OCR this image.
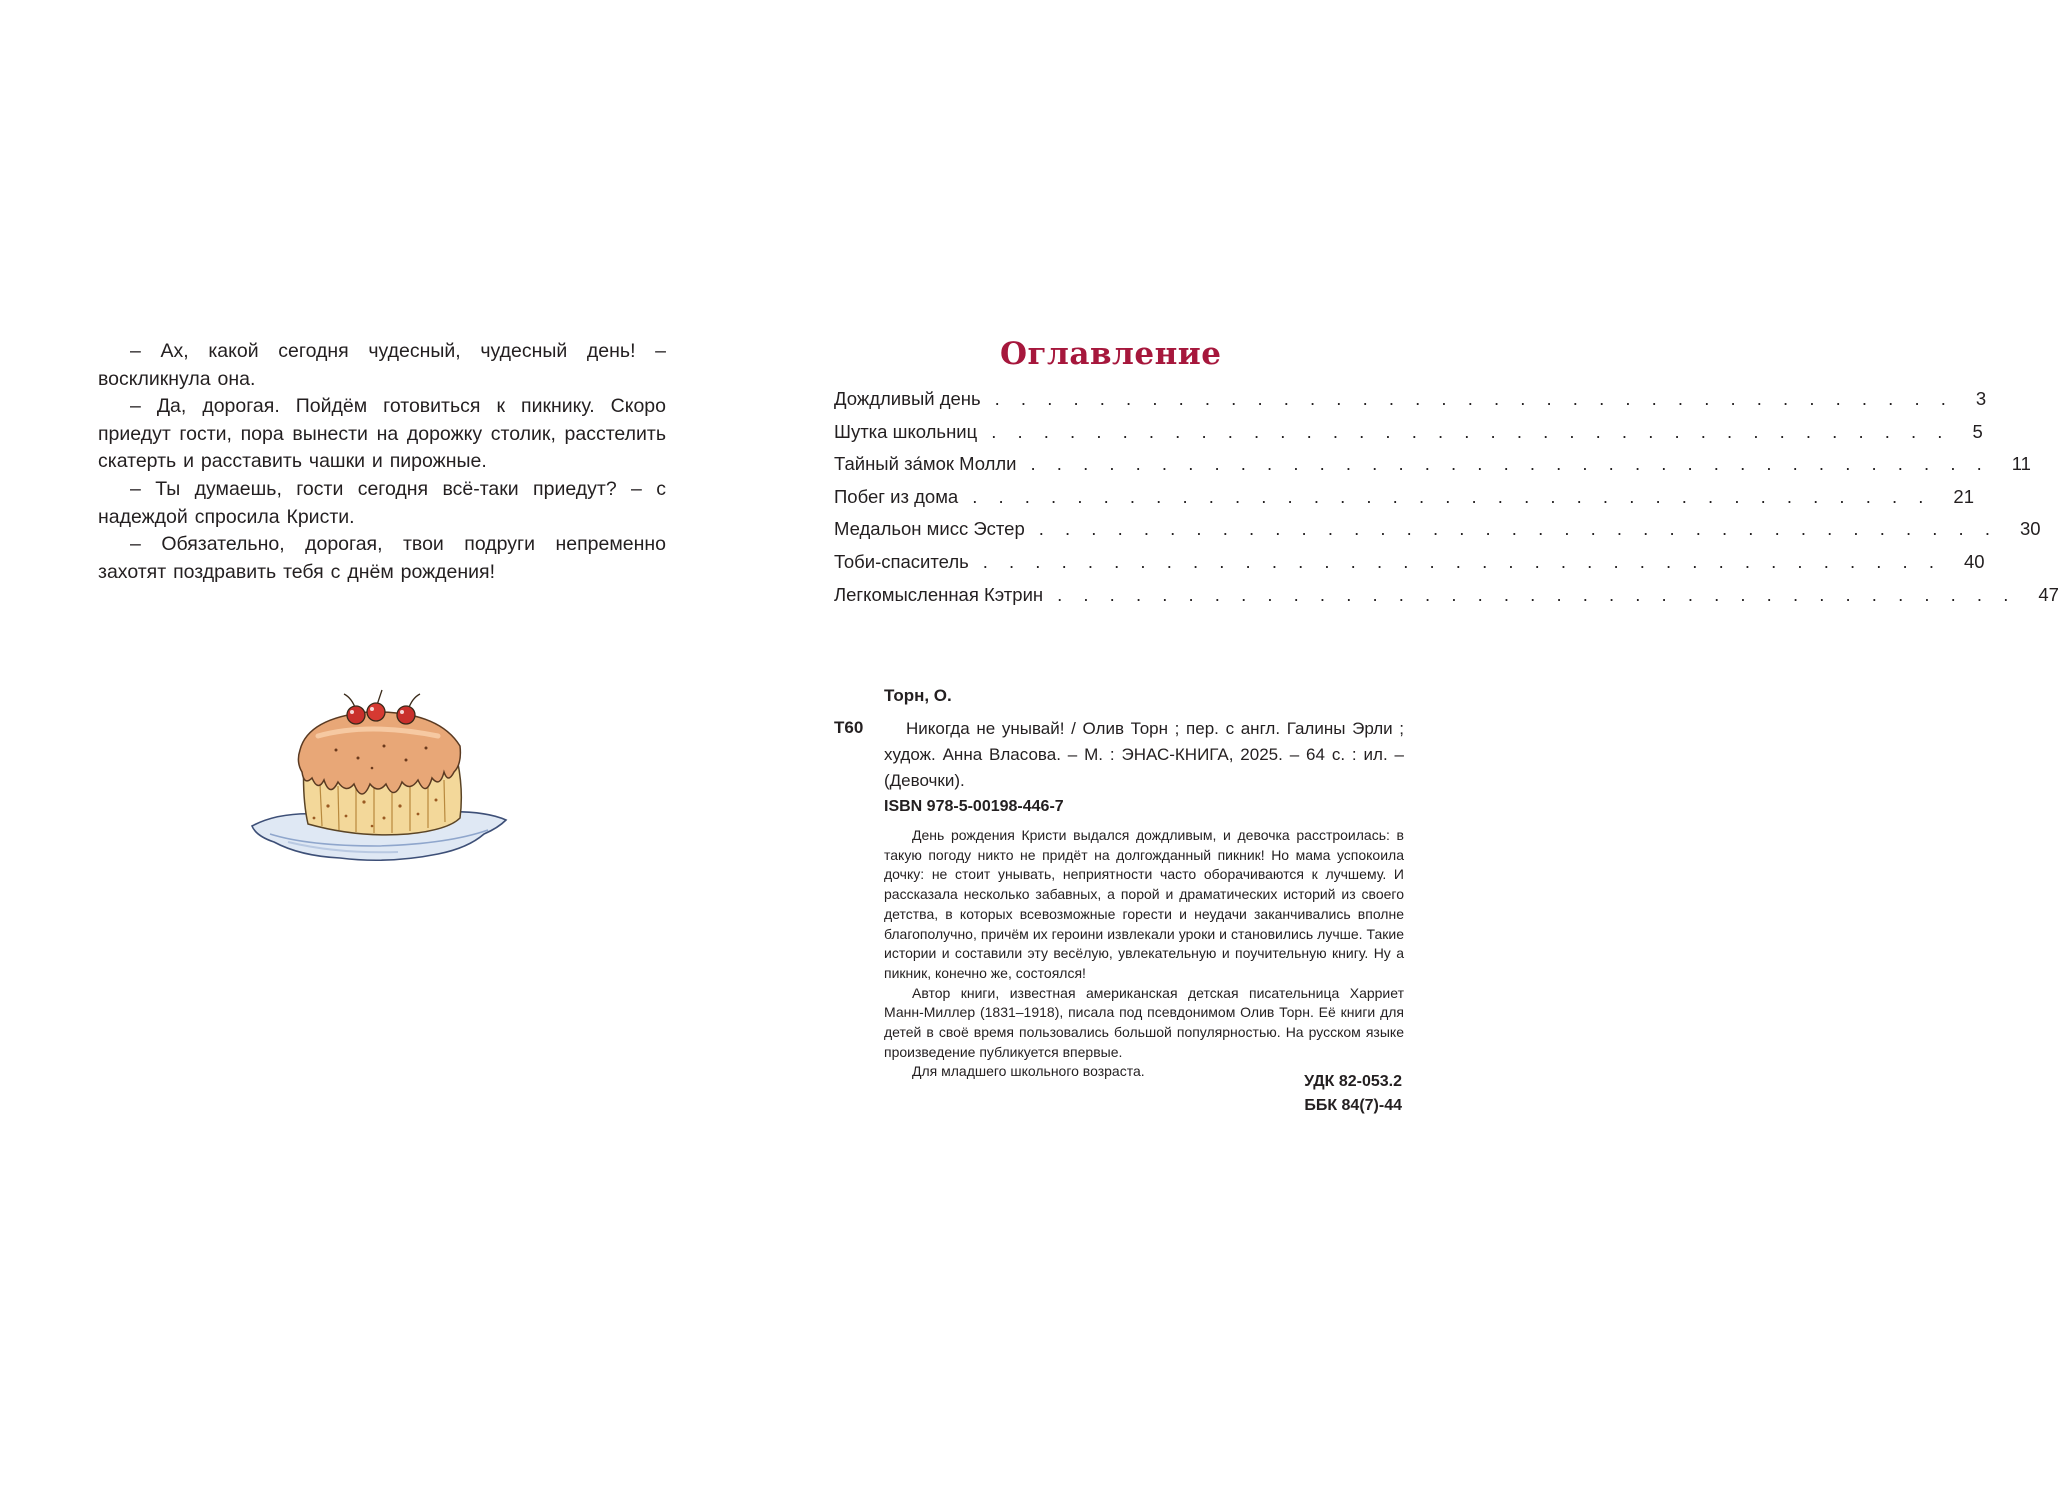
– Ах, какой сегодня чудесный, чудесный день! – воскликнула она.

– Да, дорогая. Пойдём готовиться к пикнику. Скоро приедут гости, пора вынести на дорожку столик, расстелить скатерть и расставить чашки и пирожные.

– Ты думаешь, гости сегодня всё-таки приедут? – с надеждой спросила Кристи.

– Обязательно, дорогая, твои подруги непременно захотят поздравить тебя с днём рождения!

Оглавление
Дождливый день . . . . . . . . . . . . . . . . . . . . . . . . . . . . . . . . . . . . . 3
Шутка школьниц . . . . . . . . . . . . . . . . . . . . . . . . . . . . . . . . . . . . . 5
Тайный за́мок Молли . . . . . . . . . . . . . . . . . . . . . . . . . . . . . . . . . . . . . 11
Побег из дома . . . . . . . . . . . . . . . . . . . . . . . . . . . . . . . . . . . . . 21
Медальон мисс Эстер . . . . . . . . . . . . . . . . . . . . . . . . . . . . . . . . . . . . . 30
Тоби-спаситель . . . . . . . . . . . . . . . . . . . . . . . . . . . . . . . . . . . . . 40
Легкомысленная Кэтрин . . . . . . . . . . . . . . . . . . . . . . . . . . . . . . . . . . . . . 47

Торн, О.

Т60	Никогда не унывай! / Олив Торн ; пер. с англ. Галины Эрли ; худож. Анна Власова. – М. : ЭНАС-КНИГА, 2025. – 64 с. : ил. – (Девочки).

ISBN 978-5-00198-446-7

День рождения Кристи выдался дождливым, и девочка расстроилась: в такую погоду никто не придёт на долгожданный пикник! Но мама успокоила дочку: не стоит унывать, неприятности часто оборачиваются к лучшему. И рассказала несколько забавных, а порой и драматических историй из своего детства, в которых всевозможные горести и неудачи заканчивались вполне благополучно, причём их героини извлекали уроки и становились лучше. Такие истории и составили эту весёлую, увлекательную и поучительную книгу. Ну а пикник, конечно же, состоялся!

Автор книги, известная американская детская писательница Харриет Манн-Миллер (1831–1918), писала под псевдонимом Олив Торн. Её книги для детей в своё время пользовались большой популярностью. На русском языке произведение публикуется впервые.

Для младшего школьного возраста.

УДК 82-053.2
ББК 84(7)-44
